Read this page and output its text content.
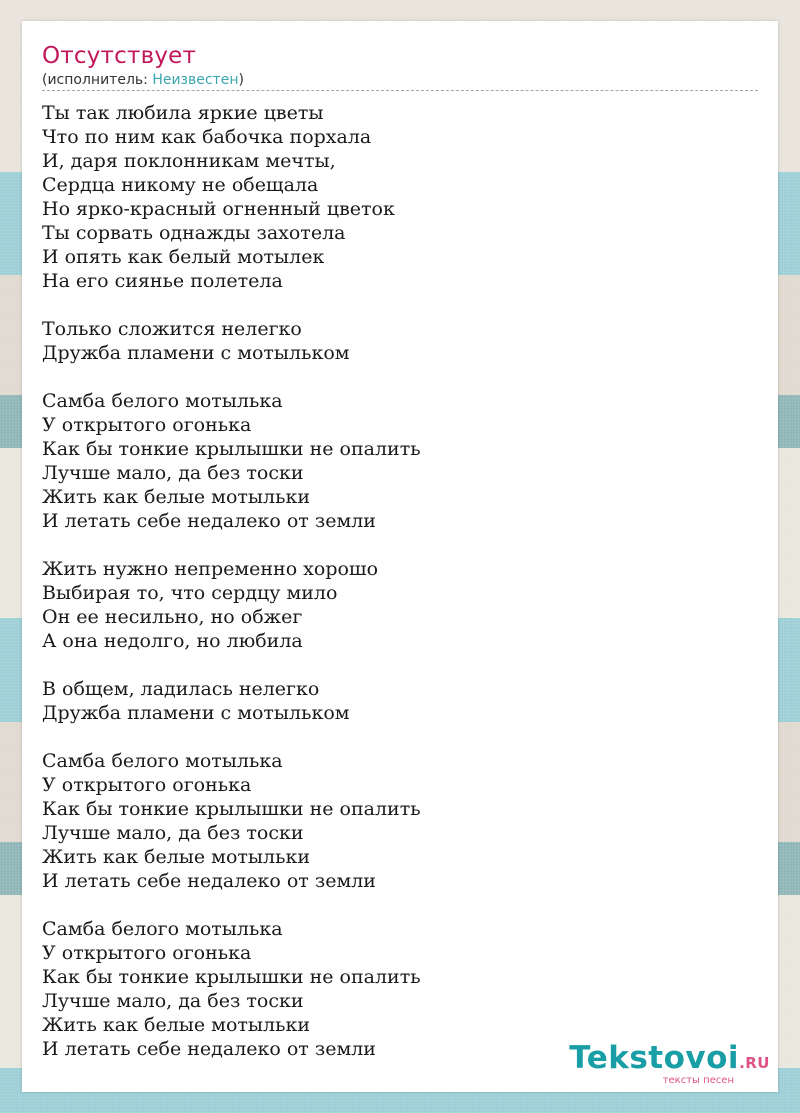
Отсутствует
(исполнитель: Неизвестен)
Ты так любила яркие цветы
Что по ним как бабочка порхала
И, даря поклонникам мечты,
Сердца никому не обещала
Но ярко-красный огненный цветок
Ты сорвать однажды захотела
И опять как белый мотылек
На его сиянье полетела
Только сложится нелегко
Дружба пламени с мотыльком
Самба белого мотылька
У открытого огонька
Как бы тонкие крылышки не опалить
Лучше мало, да без тоски
Жить как белые мотыльки
И летать себе недалеко от земли
Жить нужно непременно хорошо
Выбирая то, что сердцу мило
Он ее несильно, но обжег
А она недолго, но любила
В общем, ладилась нелегко
Дружба пламени с мотыльком
Самба белого мотылька
У открытого огонька
Как бы тонкие крылышки не опалить
Лучше мало, да без тоски
Жить как белые мотыльки
И летать себе недалеко от земли
Самба белого мотылька
У открытого огонька
Как бы тонкие крылышки не опалить
Лучше мало, да без тоски
Жить как белые мотыльки
И летать себе недалеко от земли	Tekstovoi.RU
тексты песен
